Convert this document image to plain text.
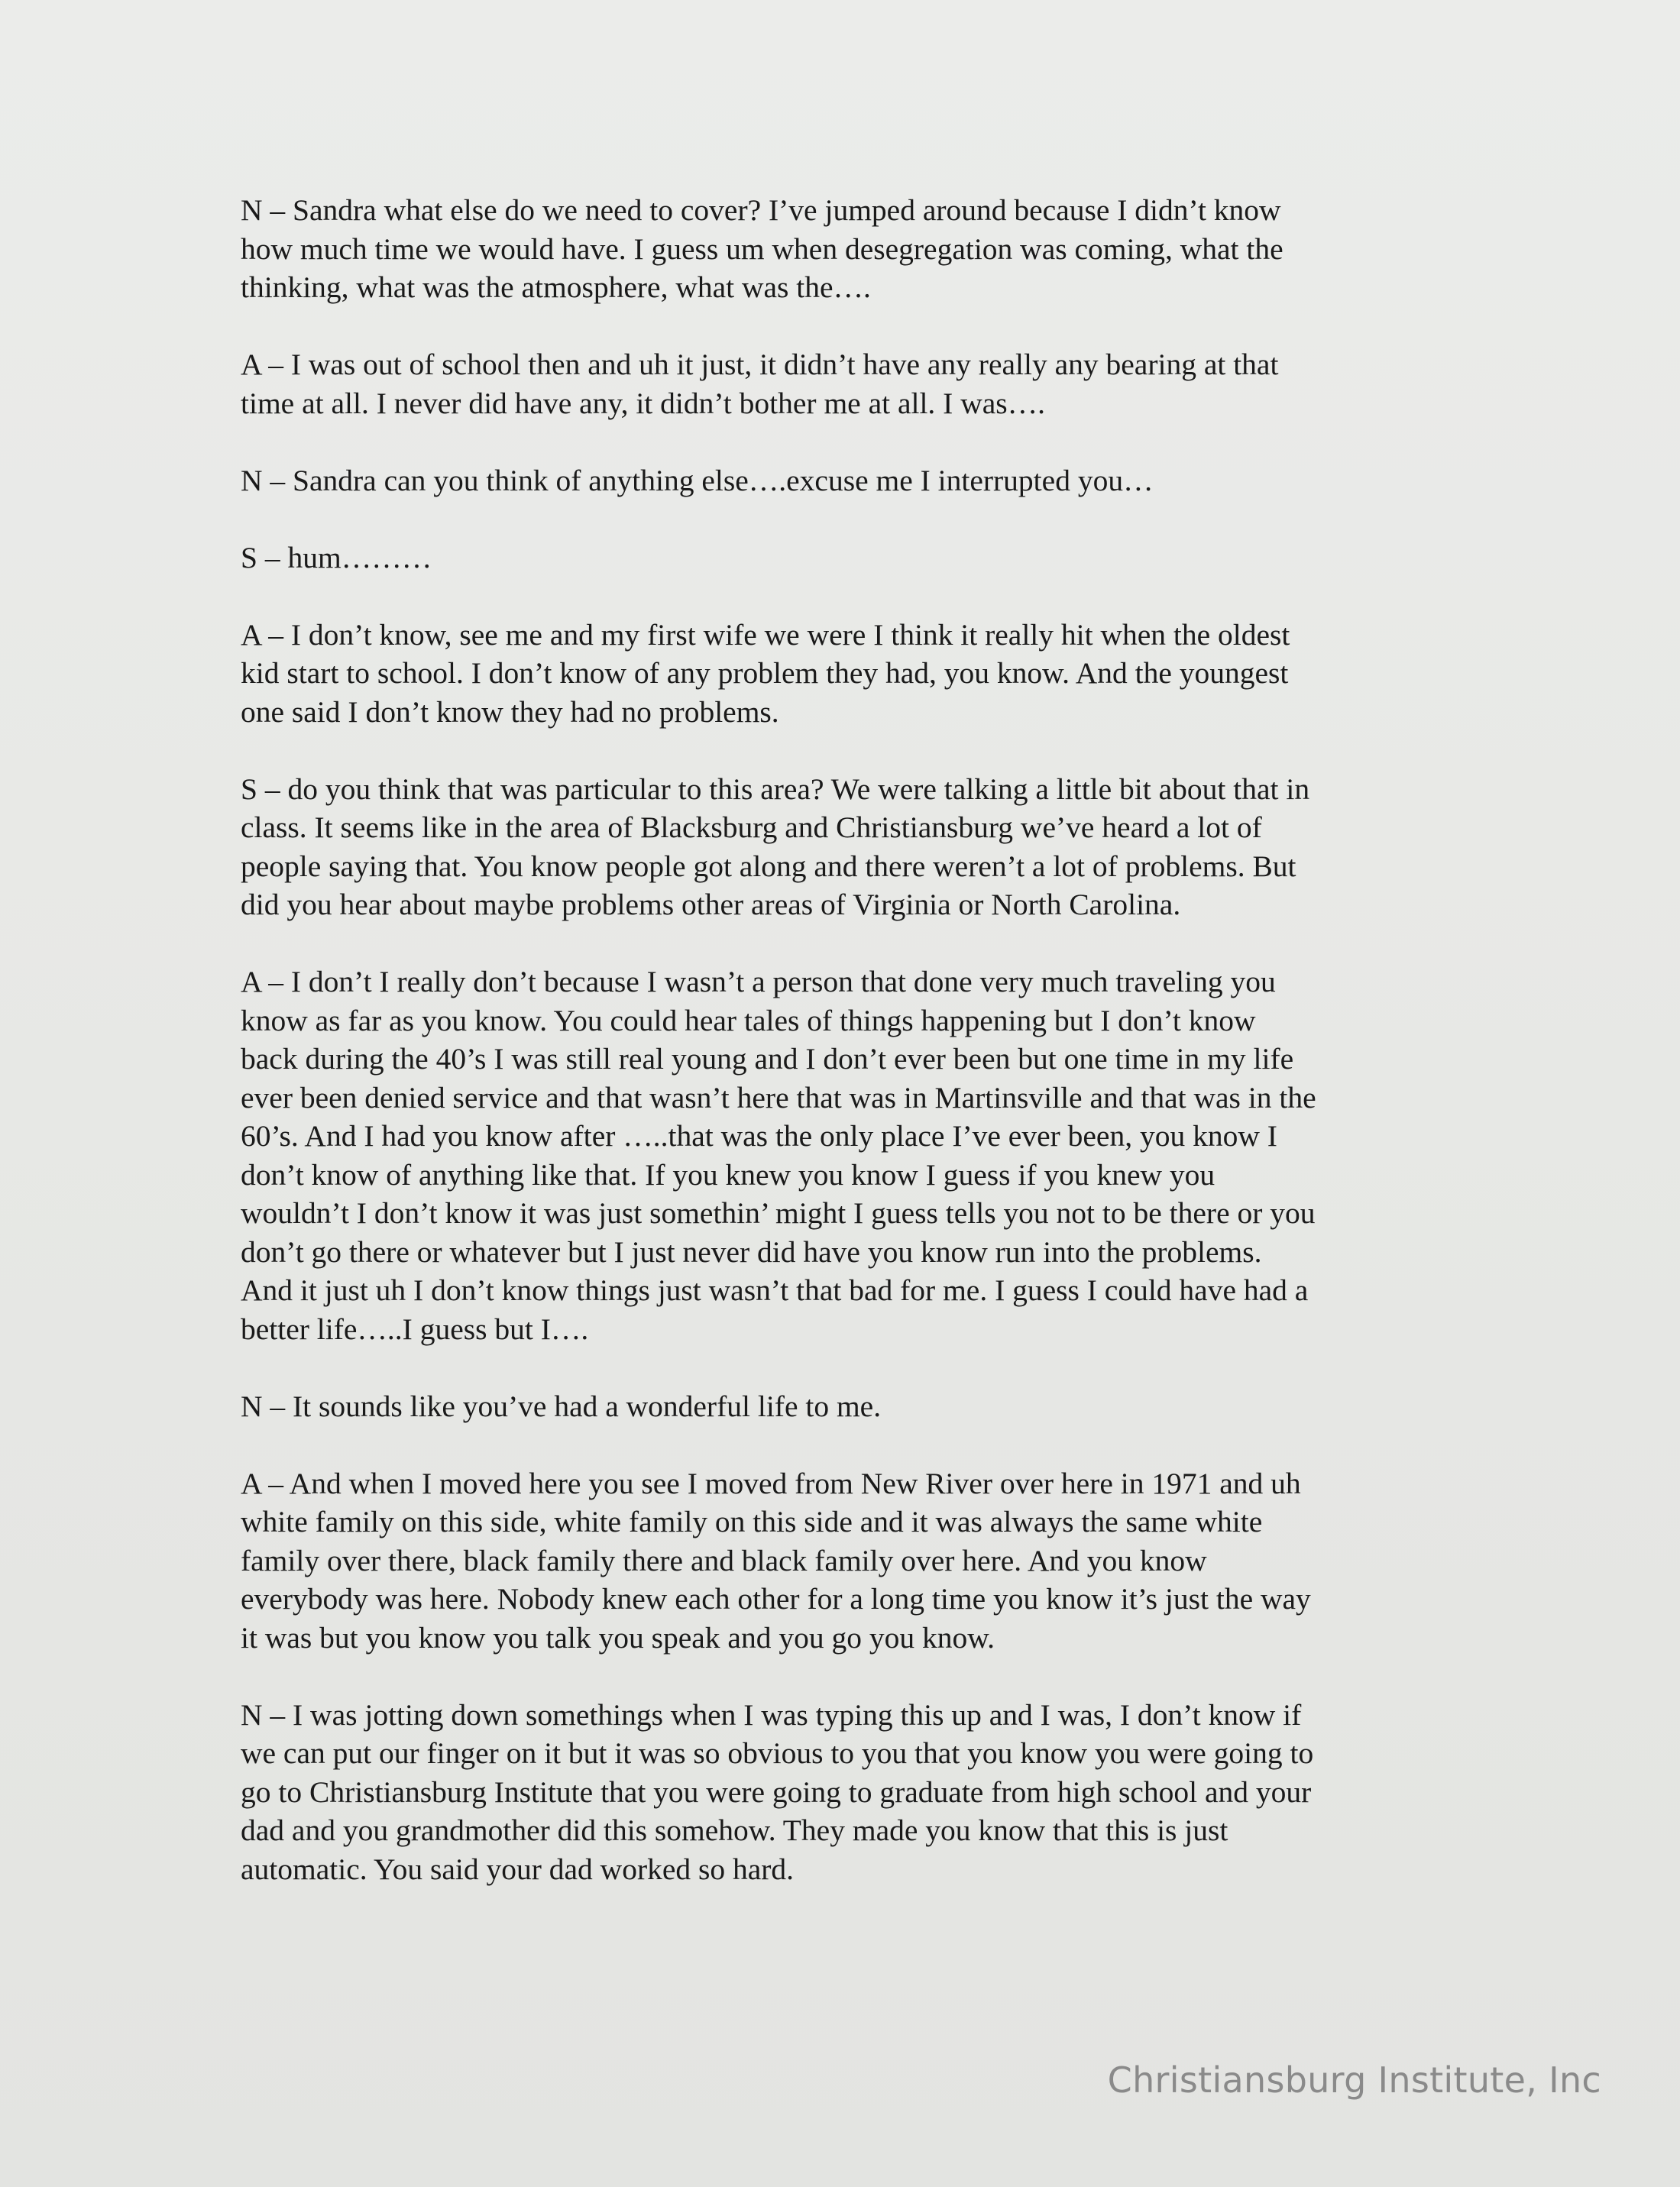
N – Sandra what else do we need to cover? I’ve jumped around because I didn’t know
how much time we would have. I guess um when desegregation was coming, what the
thinking, what was the atmosphere, what was the….

A – I was out of school then and uh it just, it didn’t have any really any bearing at that
time at all. I never did have any, it didn’t bother me at all. I was….

N – Sandra can you think of anything else….excuse me I interrupted you…

S – hum………

A – I don’t know, see me and my first wife we were I think it really hit when the oldest
kid start to school. I don’t know of any problem they had, you know. And the youngest
one said I don’t know they had no problems.

S – do you think that was particular to this area? We were talking a little bit about that in
class. It seems like in the area of Blacksburg and Christiansburg we’ve heard a lot of
people saying that. You know people got along and there weren’t a lot of problems. But
did you hear about maybe problems other areas of Virginia or North Carolina.

A – I don’t I really don’t because I wasn’t a person that done very much traveling you
know as far as you know. You could hear tales of things happening but I don’t know
back during the 40’s I was still real young and I don’t ever been but one time in my life
ever been denied service and that wasn’t here that was in Martinsville and that was in the
60’s. And I had you know after …..that was the only place I’ve ever been, you know I
don’t know of anything like that. If you knew you know I guess if you knew you
wouldn’t I don’t know it was just somethin’ might I guess tells you not to be there or you
don’t go there or whatever but I just never did have you know run into the problems.
And it just uh I don’t know things just wasn’t that bad for me. I guess I could have had a
better life…..I guess but I….

N – It sounds like you’ve had a wonderful life to me.

A – And when I moved here you see I moved from New River over here in 1971 and uh
white family on this side, white family on this side and it was always the same white
family over there, black family there and black family over here. And you know
everybody was here. Nobody knew each other for a long time you know it’s just the way
it was but you know you talk you speak and you go you know.

N – I was jotting down somethings when I was typing this up and I was, I don’t know if
we can put our finger on it but it was so obvious to you that you know you were going to
go to Christiansburg Institute that you were going to graduate from high school and your
dad and you grandmother did this somehow. They made you know that this is just
automatic. You said your dad worked so hard.

Christiansburg Institute, Inc
